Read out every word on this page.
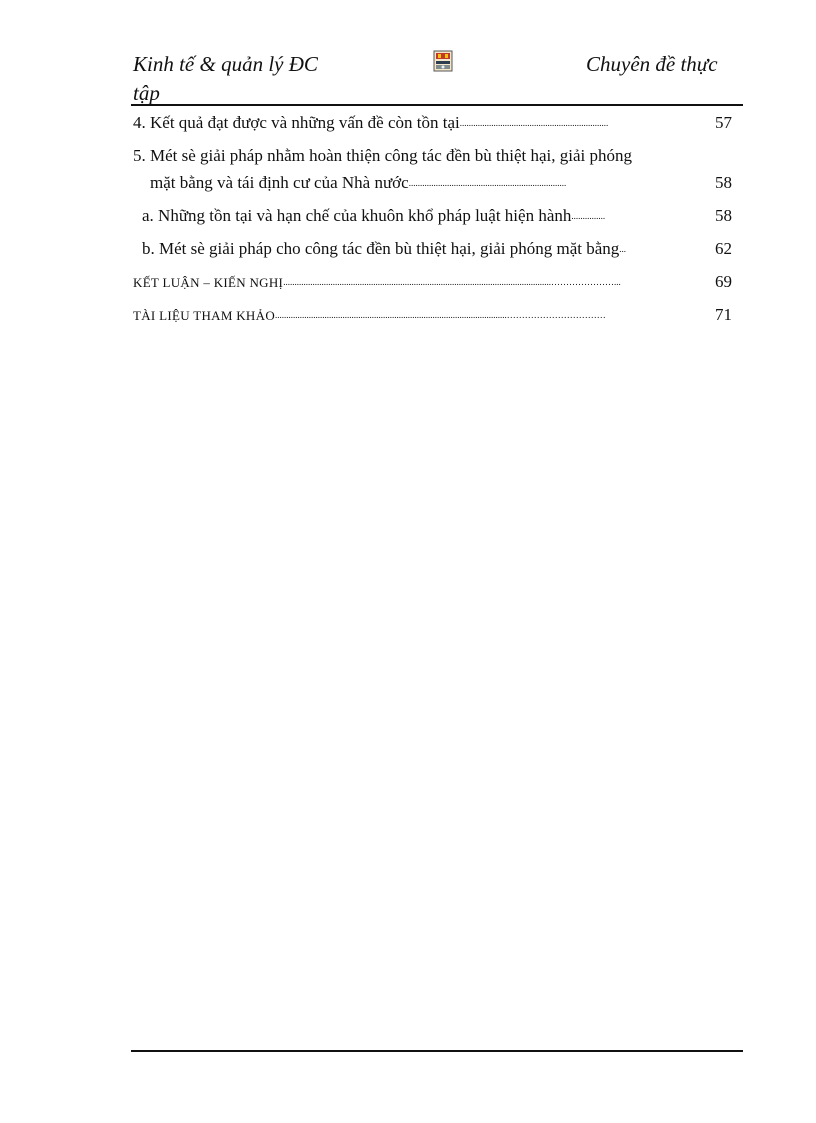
Kinh tế & quản lý ĐC
tập
Chuyên đề thực
4. Kết quả đạt được và những vấn đề còn tồn tại..................................................................	57
5. Mét sè giải pháp nhằm hoàn thiện công tác đền bù thiệt hại, giải phóng
mặt bằng và tái định cư của Nhà nước......................................................................	58
a. Những tồn tại và hạn chế của khuôn khổ pháp luật hiện hành...............	58
b. Mét sè giải pháp cho công tác đền bù thiệt hại, giải phóng mặt bằng...	62
KẾT LUẬN – KIẾN NGHỊ.......................................................................................................................…………………...	69
TÀI LIỆU THAM KHẢO.......................................................................................................……………………………	71
